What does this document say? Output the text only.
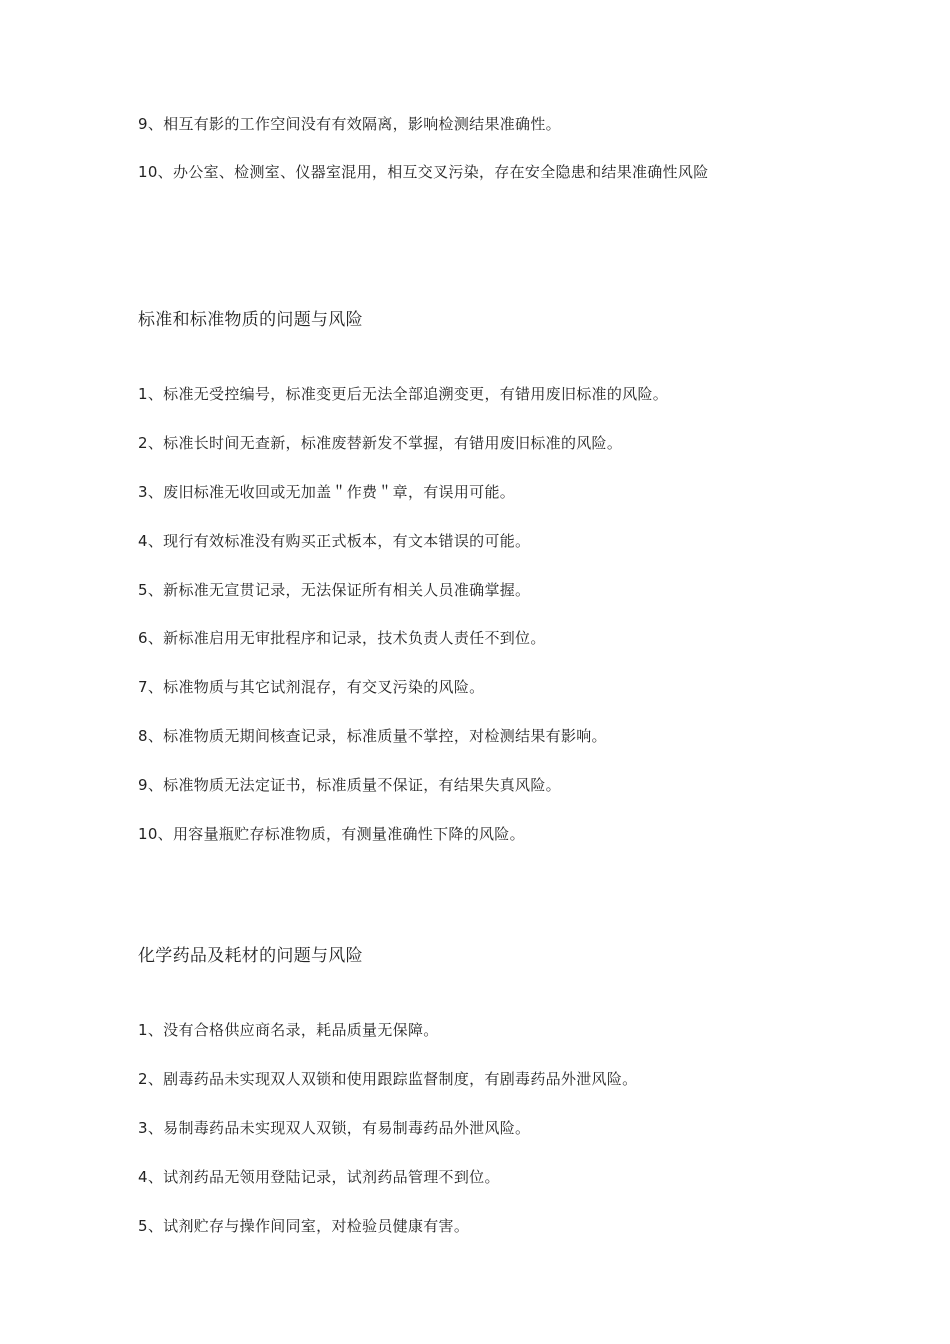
9、相互有影的工作空间没有有效隔离，影响检测结果准确性。
10、办公室、检测室、仪器室混用，相互交叉污染，存在安全隐患和结果准确性风险
标准和标准物质的问题与风险
1、标准无受控编号，标准变更后无法全部追溯变更，有错用废旧标准的风险。
2、标准长时间无查新，标准废替新发不掌握，有错用废旧标准的风险。
3、废旧标准无收回或无加盖＂作费＂章，有误用可能。
4、现行有效标准没有购买正式板本，有文本错误的可能。
5、新标准无宣贯记录，无法保证所有相关人员准确掌握。
6、新标准启用无审批程序和记录，技术负责人责任不到位。
7、标准物质与其它试剂混存，有交叉污染的风险。
8、标准物质无期间核查记录，标准质量不掌控，对检测结果有影响。
9、标准物质无法定证书，标准质量不保证，有结果失真风险。
10、用容量瓶贮存标准物质，有测量准确性下降的风险。
化学药品及耗材的问题与风险
1、没有合格供应商名录，耗品质量无保障。
2、剧毒药品未实现双人双锁和使用跟踪监督制度，有剧毒药品外泄风险。
3、易制毒药品未实现双人双锁，有易制毒药品外泄风险。
4、试剂药品无领用登陆记录，试剂药品管理不到位。
5、试剂贮存与操作间同室，对检验员健康有害。
